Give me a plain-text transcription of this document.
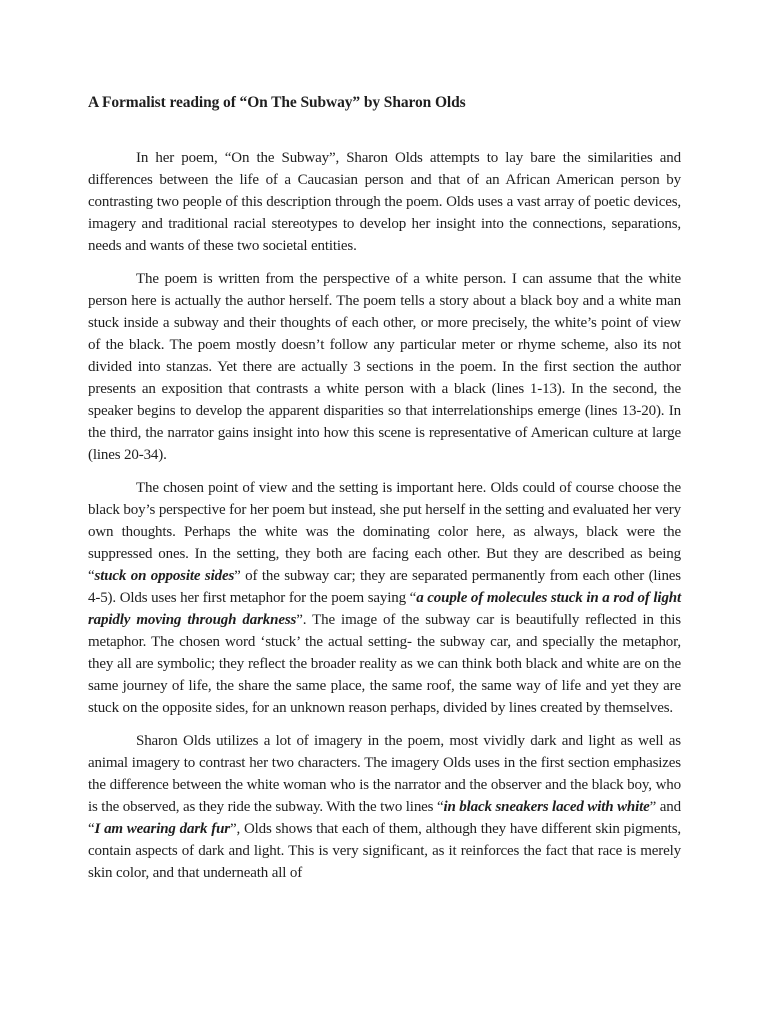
A Formalist reading of “On The Subway” by Sharon Olds

In her poem, “On the Subway”, Sharon Olds attempts to lay bare the similarities and differences between the life of a Caucasian person and that of an African American person by contrasting two people of this description through the poem. Olds uses a vast array of poetic devices, imagery and traditional racial stereotypes to develop her insight into the connections, separations, needs and wants of these two societal entities.

The poem is written from the perspective of a white person. I can assume that the white person here is actually the author herself. The poem tells a story about a black boy and a white man stuck inside a subway and their thoughts of each other, or more precisely, the white’s point of view of the black. The poem mostly doesn’t follow any particular meter or rhyme scheme, also its not divided into stanzas. Yet there are actually 3 sections in the poem. In the first section the author presents an exposition that contrasts a white person with a black (lines 1-13). In the second, the speaker begins to develop the apparent disparities so that interrelationships emerge (lines 13-20). In the third, the narrator gains insight into how this scene is representative of American culture at large (lines 20-34).

The chosen point of view and the setting is important here. Olds could of course choose the black boy’s perspective for her poem but instead, she put herself in the setting and evaluated her very own thoughts. Perhaps the white was the dominating color here, as always, black were the suppressed ones. In the setting, they both are facing each other. But they are described as being “stuck on opposite sides” of the subway car; they are separated permanently from each other (lines 4-5). Olds uses her first metaphor for the poem saying “a couple of molecules stuck in a rod of light rapidly moving through darkness”. The image of the subway car is beautifully reflected in this metaphor. The chosen word ‘stuck’ the actual setting- the subway car, and specially the metaphor, they all are symbolic; they reflect the broader reality as we can think both black and white are on the same journey of life, the share the same place, the same roof, the same way of life and yet they are stuck on the opposite sides, for an unknown reason perhaps, divided by lines created by themselves.

Sharon Olds utilizes a lot of imagery in the poem, most vividly dark and light as well as animal imagery to contrast her two characters. The imagery Olds uses in the first section emphasizes the difference between the white woman who is the narrator and the observer and the black boy, who is the observed, as they ride the subway. With the two lines “in black sneakers laced with white” and “I am wearing dark fur”, Olds shows that each of them, although they have different skin pigments, contain aspects of dark and light. This is very significant, as it reinforces the fact that race is merely skin color, and that underneath all of
